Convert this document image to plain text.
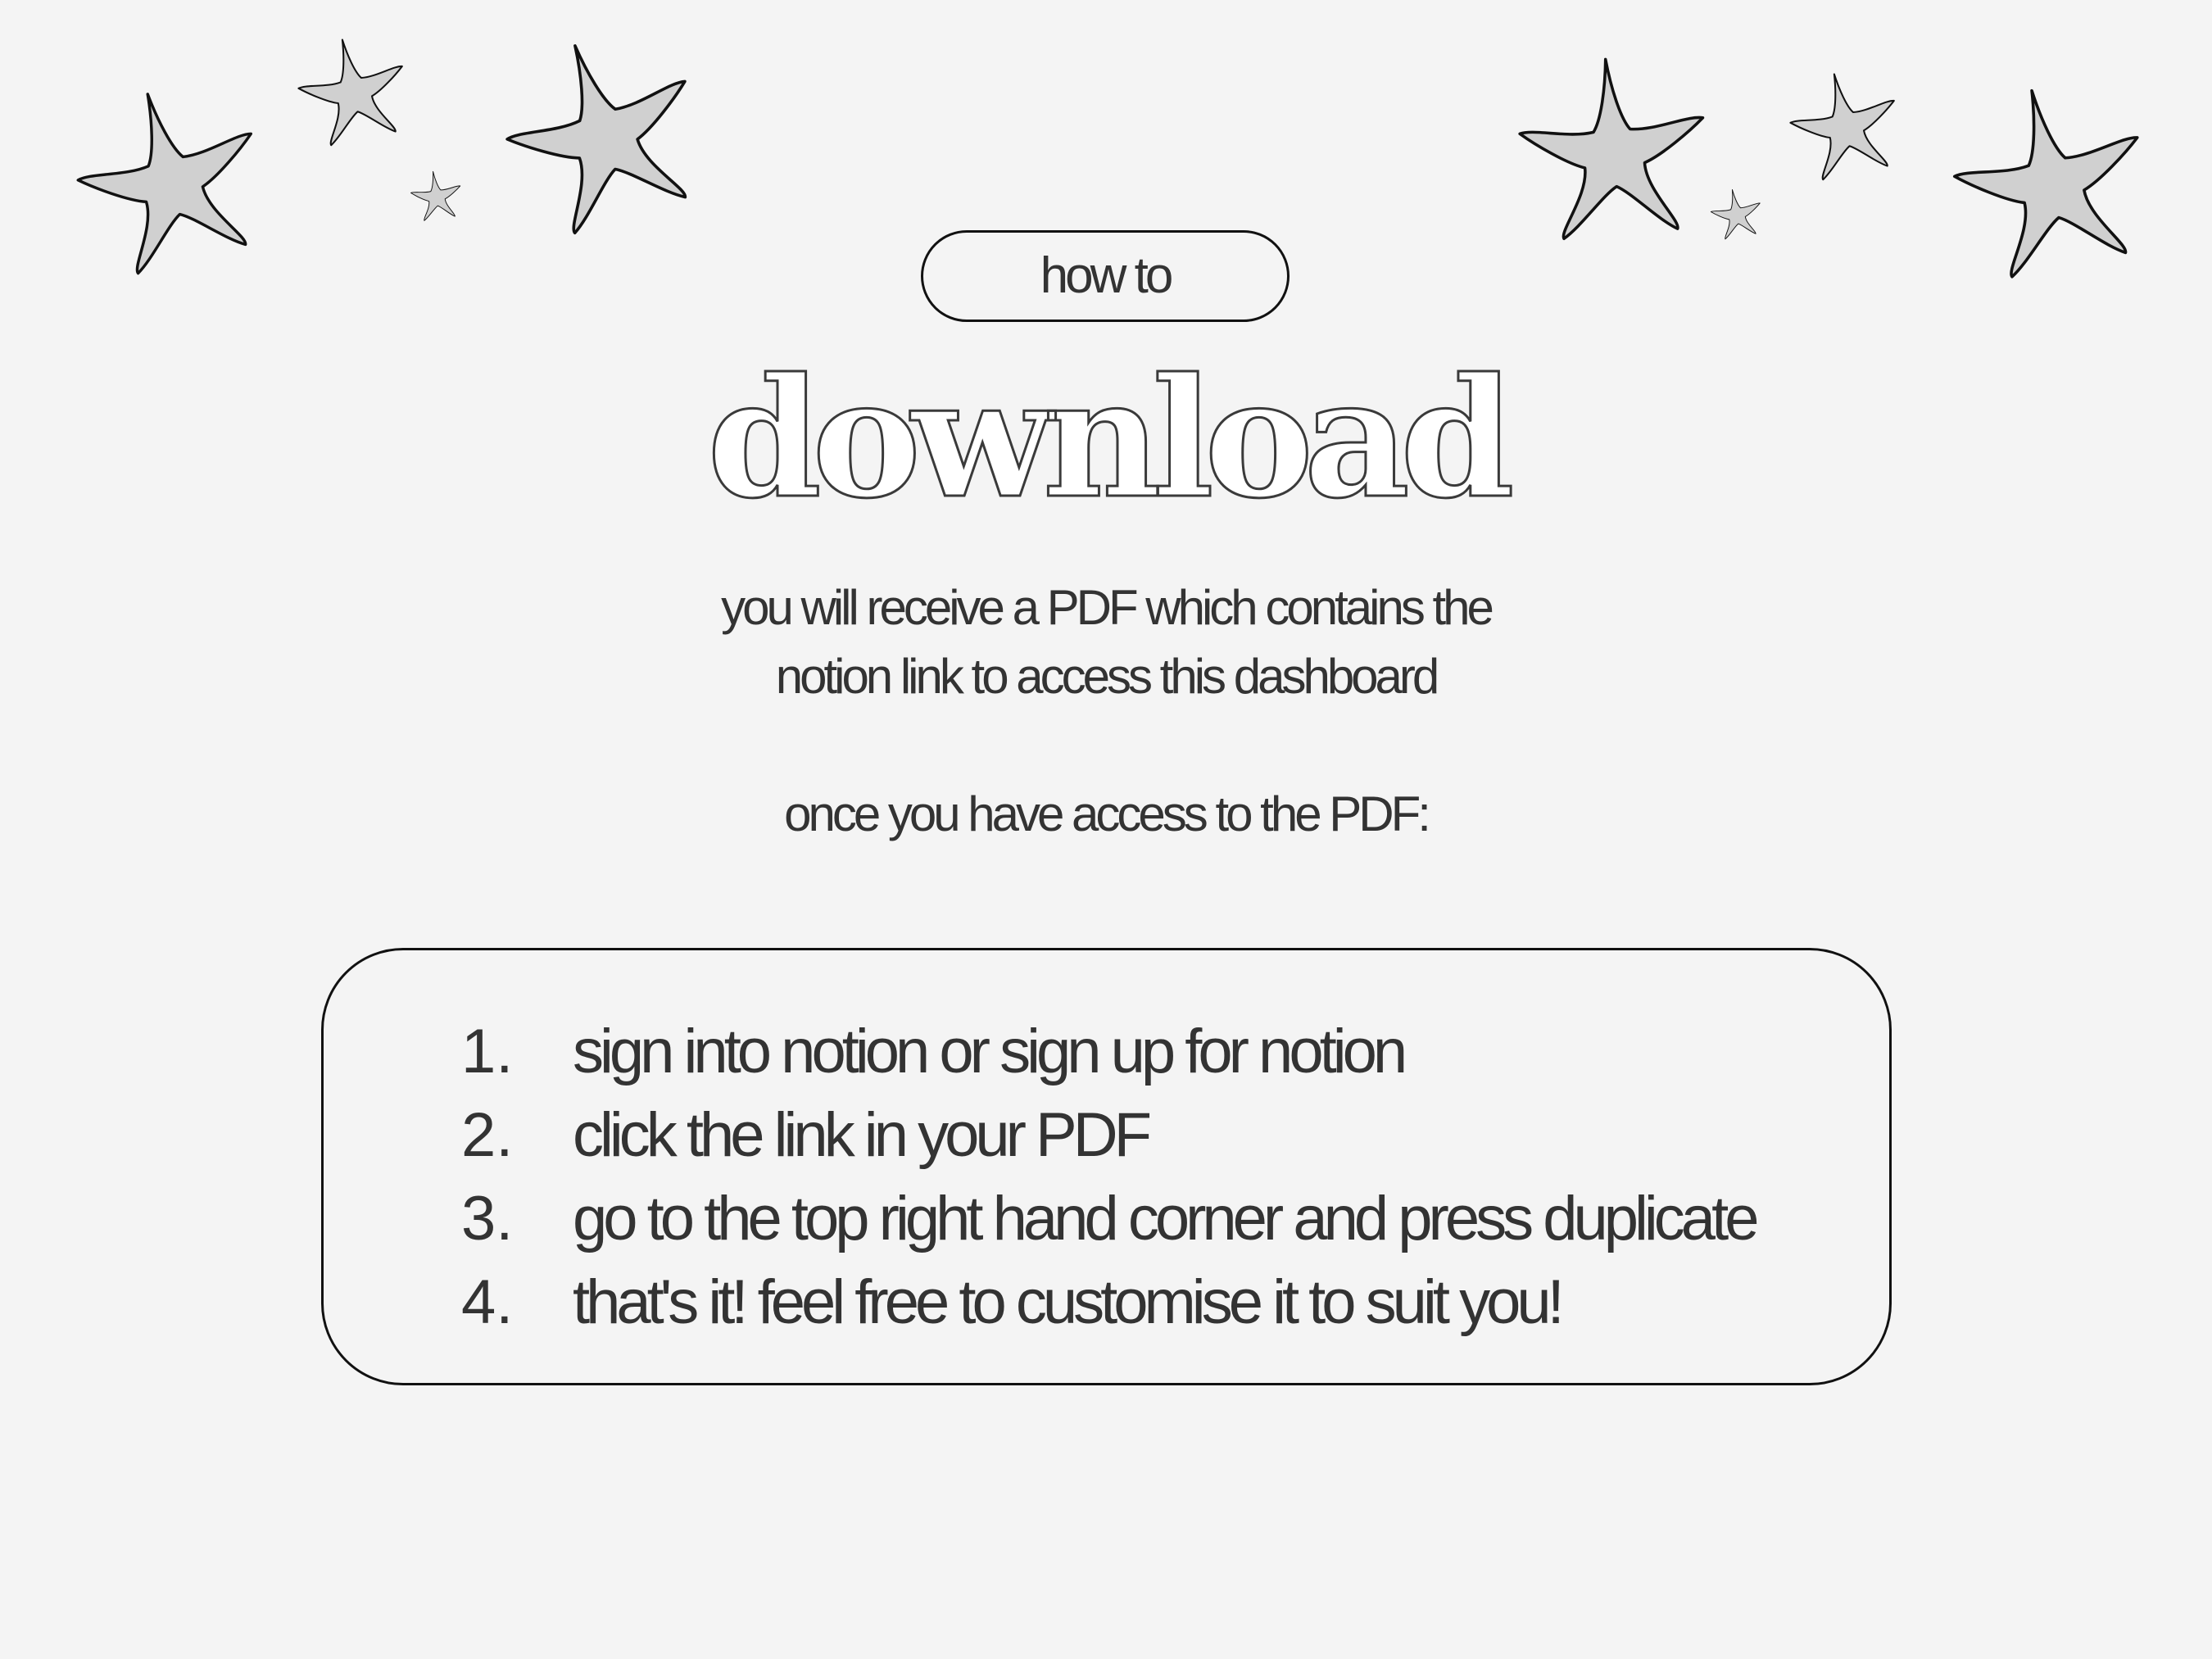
how to
download

you will receive a PDF which contains the

notion link to access this dashboard

once you have access to the PDF:

1. sign into notion or sign up for notion
2. click the link in your PDF
3. go to the top right hand corner and press duplicate
4. that's it! feel free to customise it to suit you!
